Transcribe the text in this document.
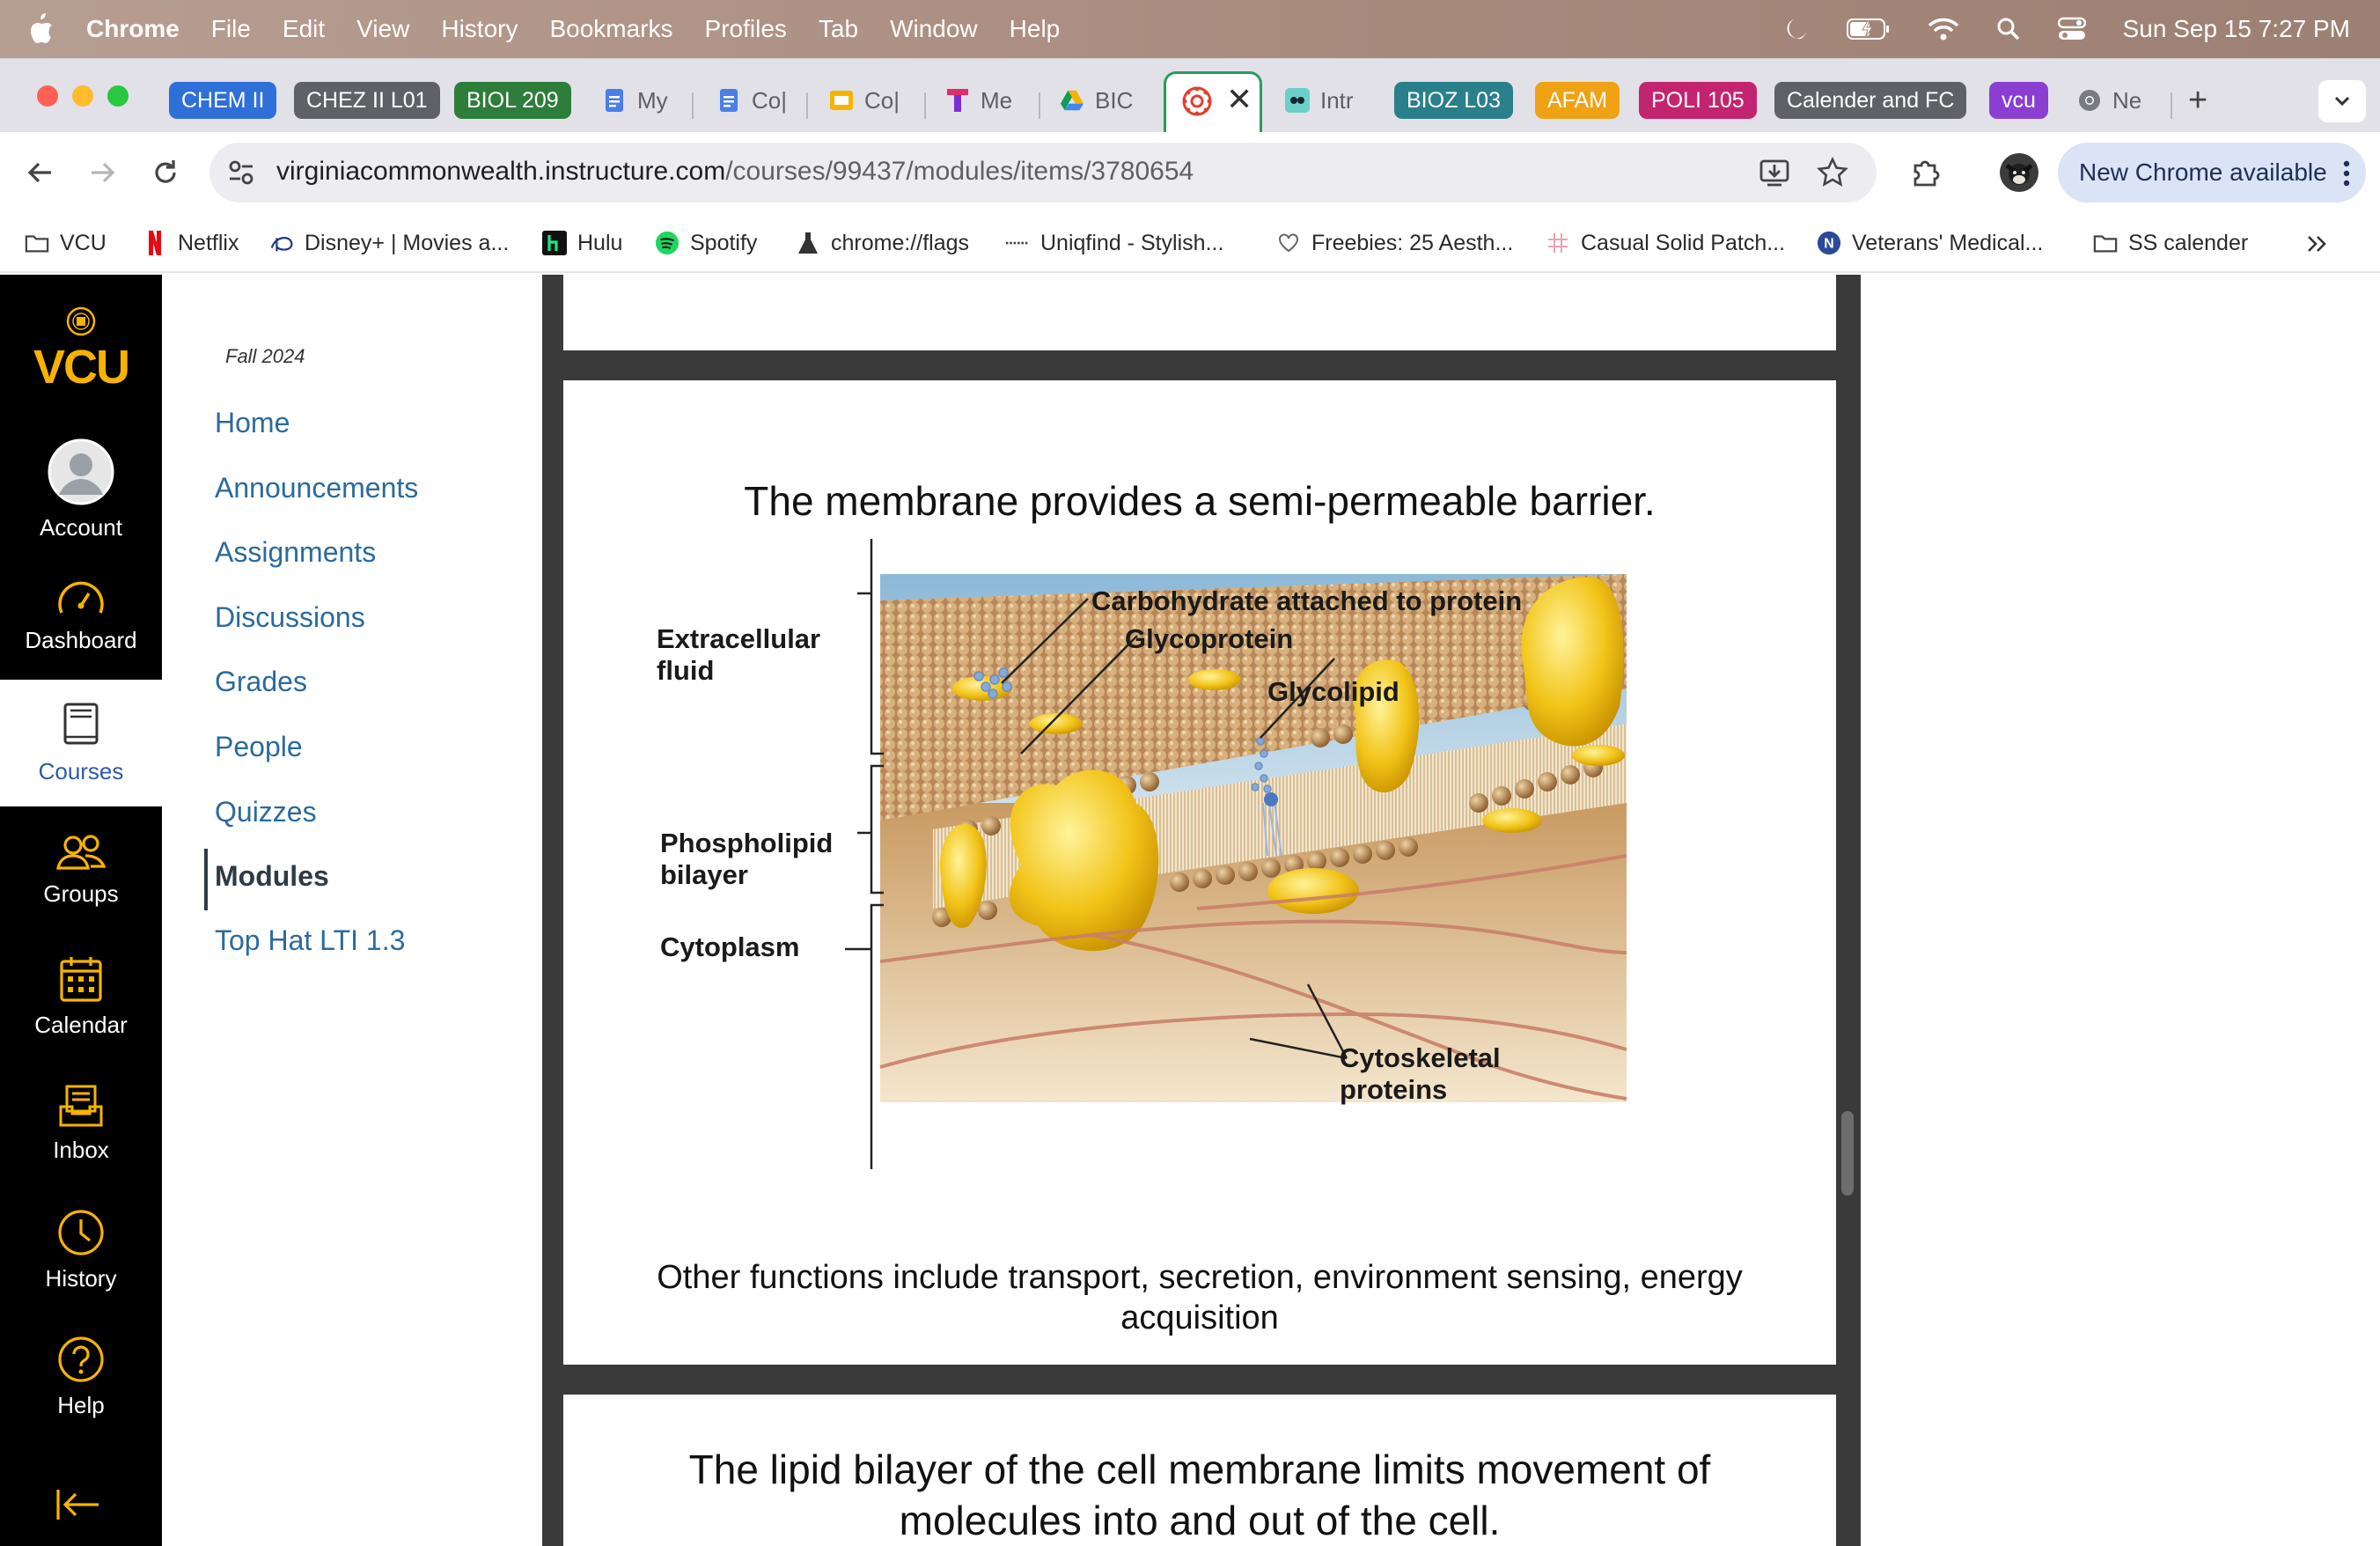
Chrome File Edit View History Bookmarks Profiles Tab Window Help	Sun Sep 15 7:27 PM
CHEM II	CHEZ II L01	BIOL 209	My	Co|	Co|	Me	BIC	✕	Intr	BIOZ L03	AFAM	POLI 105	Calender and FC	vcu	Ne +
virginiacommonwealth.instructure.com/courses/99437/modules/items/3780654	New Chrome available
VCU	Netflix	Disney+ | Movies a...	Hulu	Spotify	chrome://flags	Uniqfind - Stylish...	Freebies: 25 Aesth...	Casual Solid Patch...	N Veterans' Medical...	SS calender
VCU
Account
Dashboard
Courses
Groups
Calendar
Inbox
History
Help
Fall 2024
Home
Announcements
Assignments
Discussions
Grades
People
Quizzes
Modules
Top Hat LTI 1.3
The membrane provides a semi-permeable barrier.
Extracellular
fluid
Carbohydrate attached to protein
Glycoprotein
Glycolipid
Phospholipid
bilayer
Cytoplasm
Cytoskeletal
proteins
Other functions include transport, secretion, environment sensing, energy acquisition
The lipid bilayer of the cell membrane limits movement of
molecules into and out of the cell.
